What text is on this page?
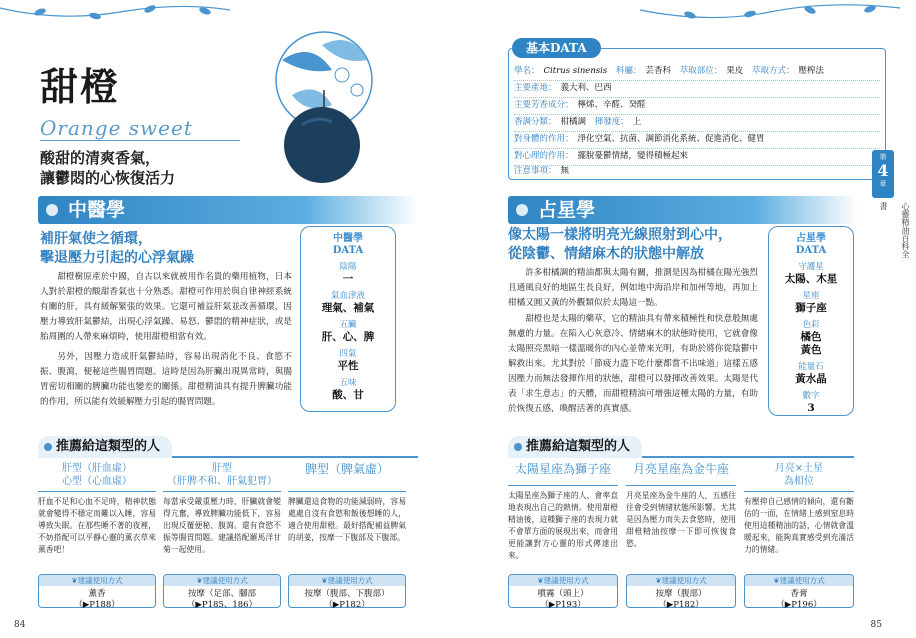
甜橙
Orange sweet
酸甜的清爽香氣，
讓鬱悶的心恢復活力
中醫學
補肝氣使之循環，
擊退壓力引起的心浮氣躁
甜橙樹原產於中國，自古以來就被用作名貴的藥用植物，日本人對於甜橙的酸甜香氣也十分熟悉。甜橙可作用於與自律神經系統有關的肝，具有緩解緊張的效果。它還可補益肝氣並改善循環，因壓力導致肝氣鬱結，出現心浮氣躁、易怒、鬱悶的精神症狀，或是胎周圍的人帶來麻煩時，使用甜橙相當有效。
另外，因壓力造成肝氣鬱結時，容易出現消化不良、食慾不振、腹瀉，便秘這些腸胃問題。這時是因為肝臟出現異常時，與腸胃密切相關的脾臟功能也變差的關係。甜橙精油具有提升脾臟功能的作用，所以能有效緩解壓力引起的腸胃問題。
中醫學
DATA
陰陽
一
氣血津液
理氣、補氣
五臟
肝、心、脾
四氣
平性
五味
酸、甘
推薦給這類型的人
肝型（肝血虛）
心型（心血虛）
肝血不足和心血不足時，精神狀態就會變得不穩定而難以入睡，容易導致失眠。在那些睡不著的夜裡，不妨搭配可以平靜心靈的薰衣草來薰香吧！
肝型
（肝脾不和、肝氣犯胃）
每當承受嚴重壓力時，肝臟就會變得亢奮，導致脾臟功能低下，容易出現反覆便秘、腹瀉。還有食慾不振等腸胃問題。建議搭配羅馬洋甘菊一起使用。
脾型（脾氣虛）
脾臟還這食物的功能減弱時，容易處處自沒有食慾和飯後想睡的人，適合使用甜橙。最好搭配補益脾氣的胡荽，按摩一下腹部及下腹部。
❦建議使用方式
薰香
（▶P188）
❦建議使用方式
按摩（足部、腳部
（▶P185、186）
❦建議使用方式
按摩（腹部、下腹部）
（▶P182）
84
基本DATA
學名： Citrus sinensis 科屬： 芸香科 萃取部位： 果皮 萃取方式： 壓榨法
主要產地： 義大利、巴西
主要芳香成分： 檸烯、辛醛、癸醛
香調分類： 柑橘調 揮發度： 上
對身體的作用： 淨化空氣、抗菌、調節消化系統、促進消化、健胃
對心理的作用： 擺脫憂鬱情緒，變得積極起來
注意事項： 無
第
4
章
心靈精油百科全書
占星學
像太陽一樣將明亮光線照射到心中，
從陰鬱、情緒麻木的狀態中解放
許多柑橘調的精油都與太陽有關，推測是因為柑橘在陽光強烈且通風良好的地區生長良好，例如地中海沿岸和加州等地，再加上柑橘又圓又黃的外觀類似於太陽這一點。
甜橙也是太陽的藥草，它的精油具有帶來積極性和快意般無處無慮的力量。在陷入心灰意冷、情緒麻木的狀態時使用，它就會像太陽照亮黑暗一樣溫暖你的內心並帶來光明，有助於將你從陰鬱中解救出來。尤其對於「節疲力盡下吃什麼都嘗不出味道」這樣五感因壓力而無法發揮作用的狀態，甜橙可以發揮改善效果。太陽是代表「求生意志」的天體，而甜橙精油可增強這種太陽的力量，有助於恢復五感，喚醒活著的真實感。
占星學
DATA
守護星
太陽、木星
星座
獅子座
色彩
橘色
黃色
能量石
黃水晶
數字
3
推薦給這類型的人
太陽星座為獅子座
太陽星座為獅子座的人，會率直地表現出自己的熱情。使用甜橙精油後，這種獅子座的表現力就不會單方面的展現出來，而會用更能讓對方心靈的形式傳達出來。
月亮星座為金牛座
月亮星座為金牛座的人，五感往往會受到情緒狀態所影響。尤其是因為壓力而失去食慾時，使用甜橙精油按摩一下即可恢復食慾。
月亮×土星
為相位
有壓抑自己感情的傾向，還有斷估的一面，在情緒上感到窒息時使用這種精油的話，心情就會溫暖起來，能夠真實感受到充滿活力的情緒。
❦建議使用方式
噴霧（頭上）
（▶P193）
❦建議使用方式
按摩（腹部）
（▶P182）
❦建議使用方式
香膏
（▶P196）
85
